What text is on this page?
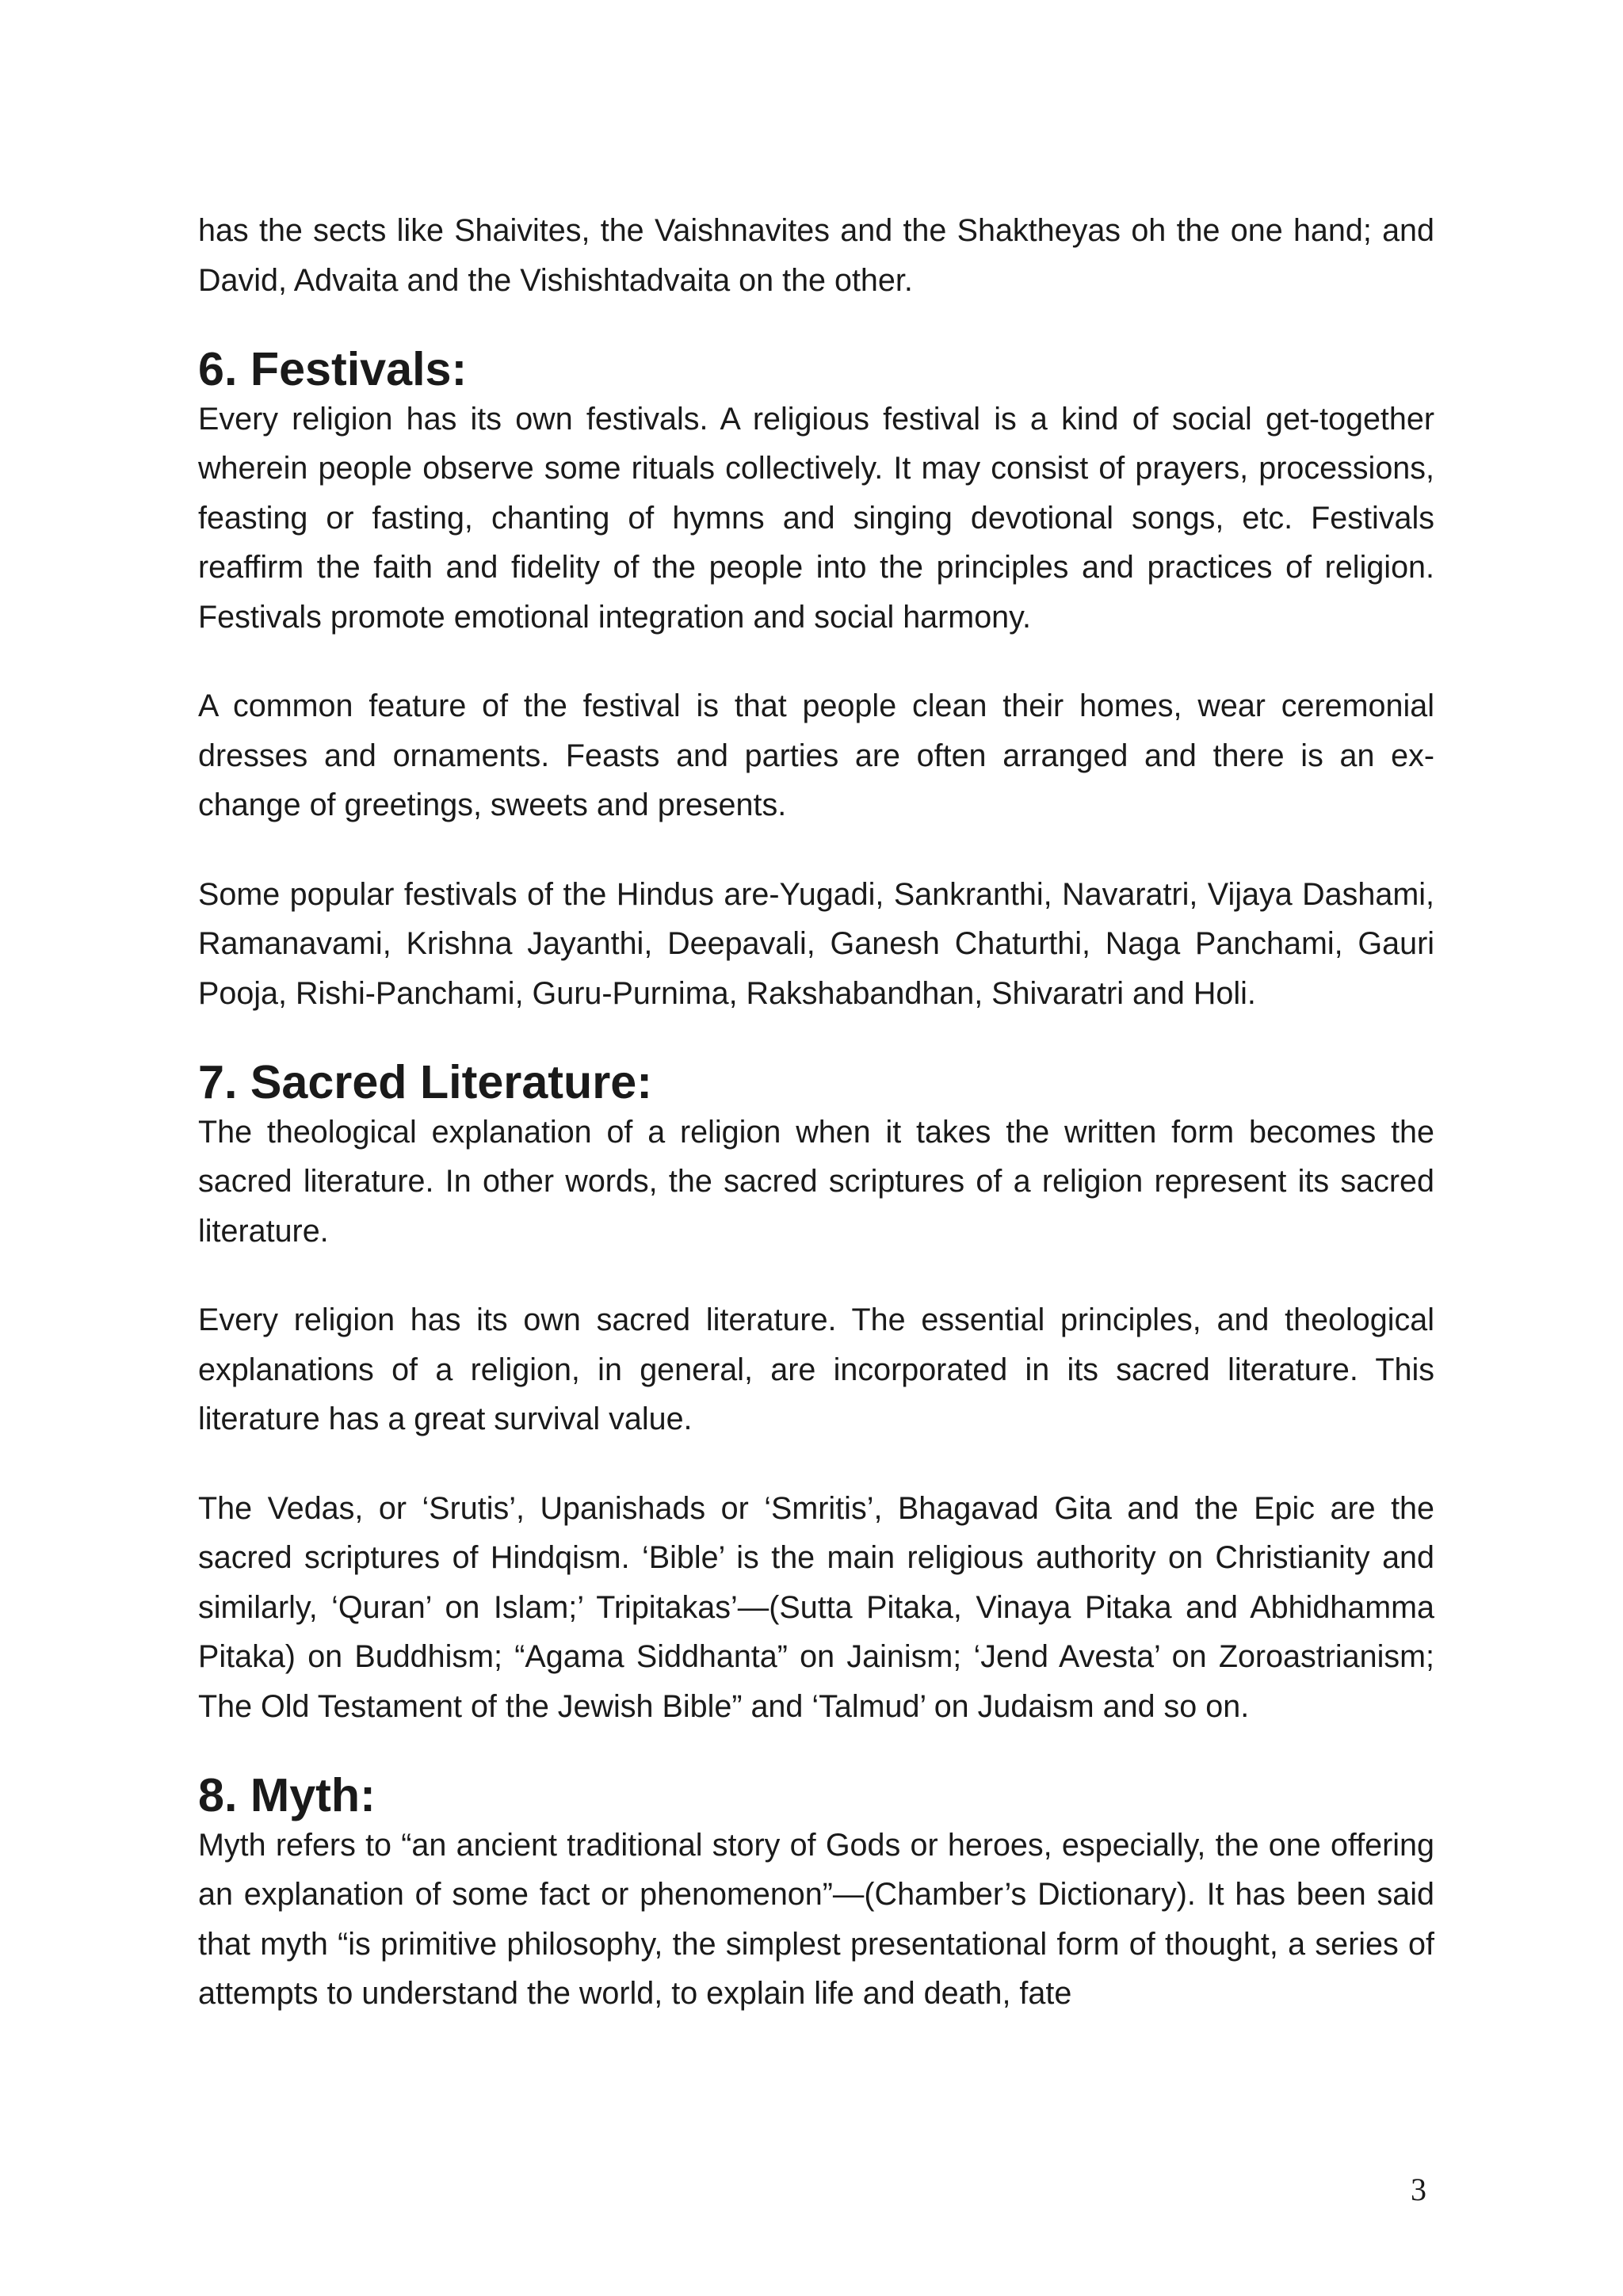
has the sects like Shaivites, the Vaishnavites and the Shaktheyas oh the one hand; and David, Advaita and the Vishishtadvaita on the other.

6. Festivals:

Every religion has its own festivals. A religious festival is a kind of social get-together wherein people observe some rituals collectively. It may consist of prayers, processions, feasting or fasting, chanting of hymns and singing devotional songs, etc. Festivals reaffirm the faith and fidelity of the people into the principles and practices of religion. Festivals promote emotional integration and social harmony.

A common feature of the festival is that people clean their homes, wear ceremonial dresses and ornaments. Feasts and parties are often arranged and there is an ex-change of greetings, sweets and presents.

Some popular festivals of the Hindus are-Yugadi, Sankranthi, Navaratri, Vijaya Dashami, Ramanavami, Krishna Jayanthi, Deepavali, Ganesh Chaturthi, Naga Panchami, Gauri Pooja, Rishi-Panchami, Guru-Purnima, Rakshabandhan, Shivaratri and Holi.

7. Sacred Literature:

The theological explanation of a religion when it takes the written form becomes the sacred literature. In other words, the sacred scriptures of a religion represent its sacred literature.

Every religion has its own sacred literature. The essential principles, and theological explanations of a religion, in general, are incorporated in its sacred literature. This literature has a great survival value.

The Vedas, or ‘Srutis’, Upanishads or ‘Smritis’, Bhagavad Gita and the Epic are the sacred scriptures of Hindqism. ‘Bible’ is the main religious authority on Christianity and similarly, ‘Quran’ on Islam;’ Tripitakas’—(Sutta Pitaka, Vinaya Pitaka and Abhidhamma Pitaka) on Buddhism; “Agama Siddhanta” on Jainism; ‘Jend Avesta’ on Zoroastrianism; The Old Testament of the Jewish Bible” and ‘Talmud’ on Judaism and so on.

8. Myth:

Myth refers to “an ancient traditional story of Gods or heroes, especially, the one offering an explanation of some fact or phenomenon”—(Chamber’s Dictionary). It has been said that myth “is primitive philosophy, the simplest presentational form of thought, a series of attempts to understand the world, to explain life and death, fate

3
